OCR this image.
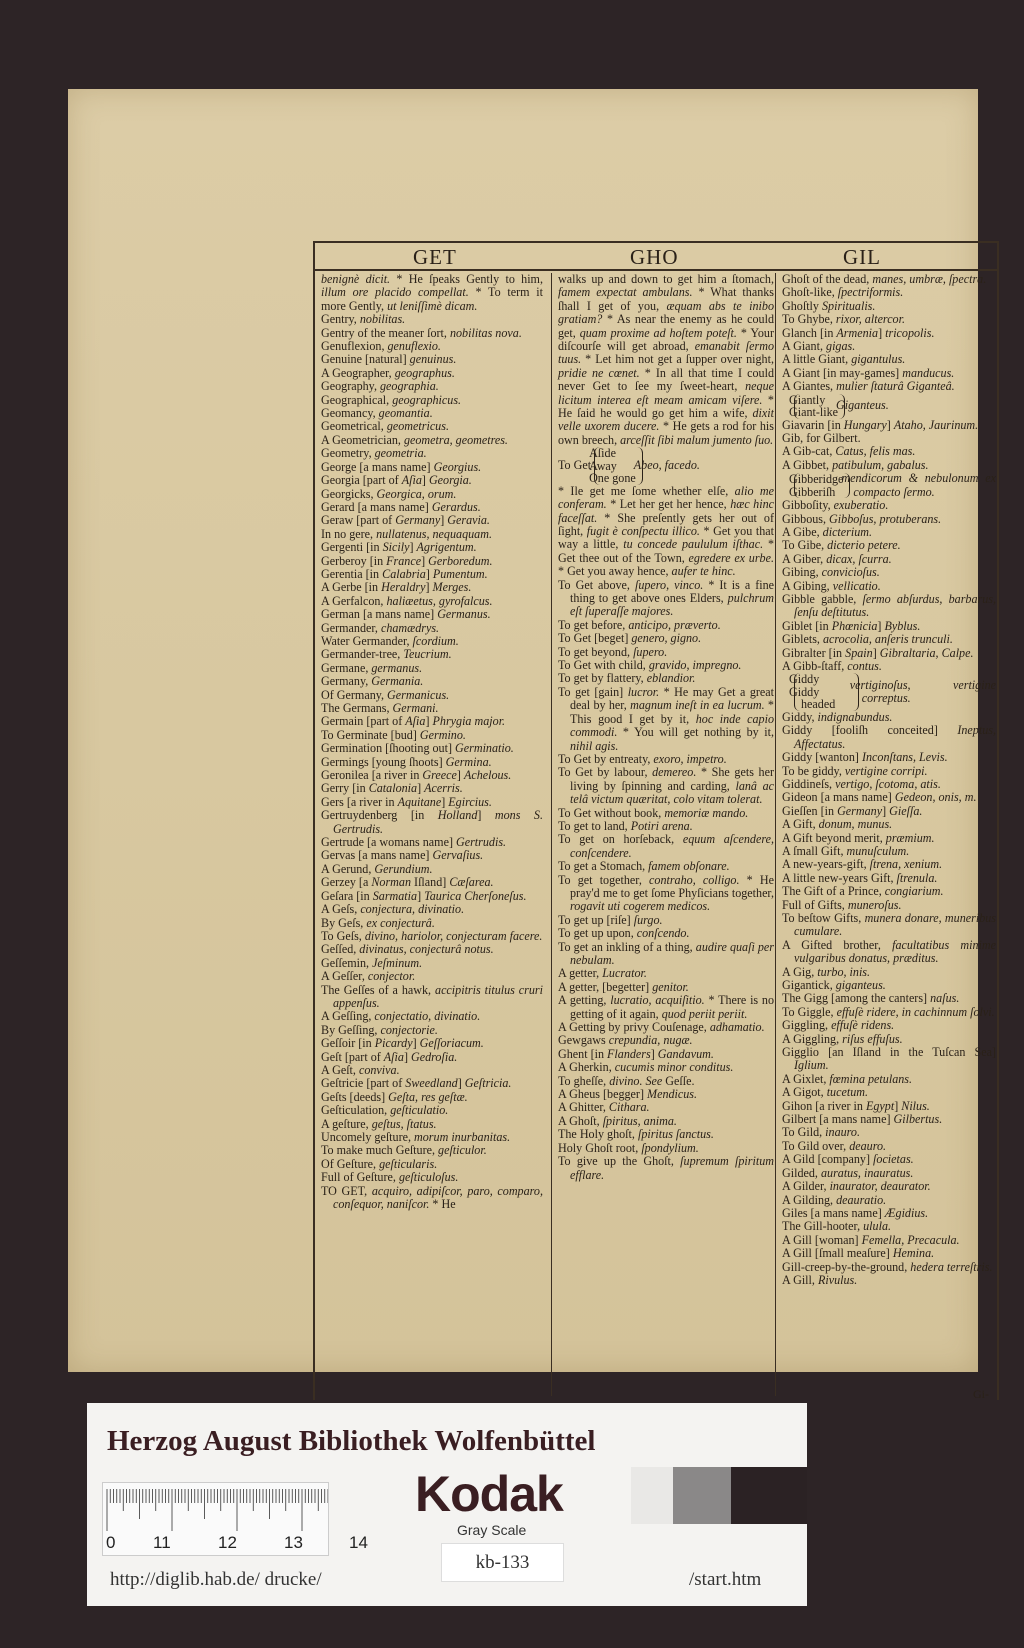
GET	GHO	GIL
benignè dicit. * He ſpeaks Gently to him, illum ore placido compellat. * To term it more Gently, ut leniſſimè dicam.
Gentry, nobilitas.
Gentry of the meaner ſort, nobilitas nova.
Genuflexion, genuflexio.
Genuine [natural] genuinus.
A Geographer, geographus.
Geography, geographia.
Geographical, geographicus.
Geomancy, geomantia.
Geometrical, geometricus.
A Geometrician, geometra, geometres.
Geometry, geometria.
George [a mans name] Georgius.
Georgia [part of Aſia] Georgia.
Georgicks, Georgica, orum.
Gerard [a mans name] Gerardus.
Geraw [part of Germany] Geravia.
In no gere, nullatenus, nequaquam.
Gergenti [in Sicily] Agrigentum.
Gerberoy [in France] Gerboredum.
Gerentia [in Calabria] Pumentum.
A Gerbe [in Heraldry] Merges.
A Gerfalcon, haliæetus, gyrofalcus.
German [a mans name] Germanus.
Germander, chamædrys.
Water Germander, ſcordium.
Germander-tree, Teucrium.
Germane, germanus.
Germany, Germania.
Of Germany, Germanicus.
The Germans, Germani.
Germain [part of Aſia] Phrygia major.
To Germinate [bud] Germino.
Germination [ſhooting out] Germinatio.
Germings [young ſhoots] Germina.
Geronilea [a river in Greece] Achelous.
Gerry [in Catalonia] Acerris.
Gers [a river in Aquitane] Egircius.
Gertruydenberg [in Holland] mons S. Gertrudis.
Gertrude [a womans name] Gertrudis.
Gervas [a mans name] Gervaſius.
A Gerund, Gerundium.
Gerzey [a Norman Iſland] Cæſarea.
Geſara [in Sarmatia] Taurica Cherſoneſus.
A Geſs, conjectura, divinatio.
By Geſs, ex conjecturâ.
To Geſs, divino, hariolor, conjecturam facere.
Geſſed, divinatus, conjecturâ notus.
Geſſemin, Jeſminum.
A Geſſer, conjector.
The Geſſes of a hawk, accipitris titulus cruri appenſus.
A Geſſing, conjectatio, divinatio.
By Geſſing, conjectorie.
Geſſoir [in Picardy] Geſſoriacum.
Geſt [part of Aſia] Gedroſia.
A Geſt, conviva.
Geſtricie [part of Sweedland] Geſtricia.
Geſts [deeds] Geſta, res geſtæ.
Geſticulation, geſticulatio.
A geſture, geſtus, ſtatus.
Uncomely geſture, morum inurbanitas.
To make much Geſture, geſticulor.
Of Geſture, geſticularis.
Full of Geſture, geſticuloſus.
TO GET, acquiro, adipiſcor, paro, comparo, conſequor, naniſcor. * He
walks up and down to get him a ſtomach, famem expectat ambulans. * What thanks ſhall I get of you, æquam abs te inibo gratiam? * As near the enemy as he could get, quam proxime ad hoſtem poteſt. * Your diſcourſe will get abroad, emanabit ſermo tuus. * Let him not get a ſupper over night, pridie ne cœnet. * In all that time I could never Get to ſee my ſweet-heart, neque licitum interea eſt meam amicam viſere. * He ſaid he would go get him a wife, dixit velle uxorem ducere. * He gets a rod for his own breech, arceſſit ſibi malum jumento ſuo.
To Get
Aſide
Away
One gone
Abeo, facedo.
* Ile get me ſome whether elſe, alio me conferam. * Let her get her hence, hæc hinc faceſſat. * She preſently gets her out of ſight, fugit è conſpectu illico. * Get you that way a little, tu concede paululum iſthac. * Get thee out of the Town, egredere ex urbe. * Get you away hence, aufer te hinc.
To Get above, ſupero, vinco. * It is a fine thing to get above ones Elders, pulchrum eſt ſuperaſſe majores.
To get before, anticipo, præverto.
To Get [beget] genero, gigno.
To get beyond, ſupero.
To Get with child, gravido, impregno.
To get by flattery, eblandior.
To get [gain] lucror. * He may Get a great deal by her, magnum ineſt in ea lucrum. * This good I get by it, hoc inde capio commodi. * You will get nothing by it, nihil agis.
To Get by entreaty, exoro, impetro.
To Get by labour, demereo. * She gets her living by ſpinning and carding, lanâ ac telâ victum quæritat, colo vitam tolerat.
To Get without book, memoriæ mando.
To get to land, Potiri arena.
To get on horſeback, equum aſcendere, conſcendere.
To get a Stomach, famem obſonare.
To get together, contraho, colligo. * He pray'd me to get ſome Phyſicians together, rogavit uti cogerem medicos.
To get up [riſe] ſurgo.
To get up upon, conſcendo.
To get an inkling of a thing, audire quaſi per nebulam.
A getter, Lucrator.
A getter, [begetter] genitor.
A getting, lucratio, acquiſitio. * There is no getting of it again, quod periit periit.
A Getting by privy Couſenage, adhamatio.
Gewgaws crepundia, nugæ.
Ghent [in Flanders] Gandavum.
A Gherkin, cucumis minor conditus.
To gheſſe, divino. See Geſſe.
A Gheus [begger] Mendicus.
A Ghitter, Cithara.
A Ghoſt, ſpiritus, anima.
The Holy ghoſt, ſpiritus ſanctus.
Holy Ghoſt root, ſpondylium.
To give up the Ghoſt, ſupremum ſpiritum efflare.
Ghoſt of the dead, manes, umbræ, ſpectra.
Ghoſt-like, ſpectriformis.
Ghoſtly Spiritualis.
To Ghybe, rixor, altercor.
Glanch [in Armenia] tricopolis.
A Giant, gigas.
A little Giant, gigantulus.
A Giant [in may-games] manducus.
A Giantes, mulier ſtaturâ Giganteâ.
Giantly
Giant-like
Giganteus.
Giavarin [in Hungary] Ataho, Jaurinum.
Gib, for Gilbert.
A Gib-cat, Catus, felis mas.
A Gibbet, patibulum, gabalus.
Gibberidge
Gibberiſh
mendicorum & nebulonum ex compacto ſermo.
Gibboſity, exuberatio.
Gibbous, Gibboſus, protuberans.
A Gibe, dicterium.
To Gibe, dicterio petere.
A Giber, dicax, ſcurra.
Gibing, convicioſus.
A Gibing, vellicatio.
Gibble gabble, ſermo abſurdus, barbarus, ſenſu deſtitutus.
Giblet [in Phœnicia] Byblus.
Giblets, acrocolia, anſeris trunculi.
Gibralter [in Spain] Gibraltaria, Calpe.
A Gibb-ſtaff, contus.
Giddy
Giddy headed
vertiginoſus, vertigine correptus.
Giddy, indignabundus.
Giddy [fooliſh conceited] Ineptus, Affectatus.
Giddy [wanton] Inconſtans, Levis.
To be giddy, vertigine corripi.
Giddineſs, vertigo, ſcotoma, atis.
Gideon [a mans name] Gedeon, onis, m.
Gieſſen [in Germany] Gieſſa.
A Gift, donum, munus.
A Gift beyond merit, præmium.
A ſmall Gift, munuſculum.
A new-years-gift, ſtrena, xenium.
A little new-years Gift, ſtrenula.
The Gift of a Prince, congiarium.
Full of Gifts, muneroſus.
To beſtow Gifts, munera donare, muneribus cumulare.
A Gifted brother, facultatibus minime vulgaribus donatus, præditus.
A Gig, turbo, inis.
Gigantick, giganteus.
The Gigg [among the canters] naſus.
To Giggle, effuſè ridere, in cachinnum ſolvi.
Giggling, effuſè ridens.
A Giggling, riſus effuſus.
Gigglio [an Iſland in the Tuſcan Sea] Iglium.
A Gixlet, fœmina petulans.
A Gigot, tucetum.
Gihon [a river in Egypt] Nilus.
Gilbert [a mans name] Gilbertus.
To Gild, inauro.
To Gild over, deauro.
A Gild [company] ſocietas.
Gilded, auratus, inauratus.
A Gilder, inaurator, deaurator.
A Gilding, deauratio.
Giles [a mans name] Ægidius.
The Gill-hooter, ulula.
A Gill [woman] Femella, Precacula.
A Gill [ſmall meaſure] Hemina.
Gill-creep-by-the-ground, hedera terreſtris.
A Gill, Rivulus.
Gi-
Herzog August Bibliothek Wolfenbüttel
0 11	12	13	14
Kodak
Gray Scale
kb-133
http://diglib.hab.de/ drucke/	/start.htm
